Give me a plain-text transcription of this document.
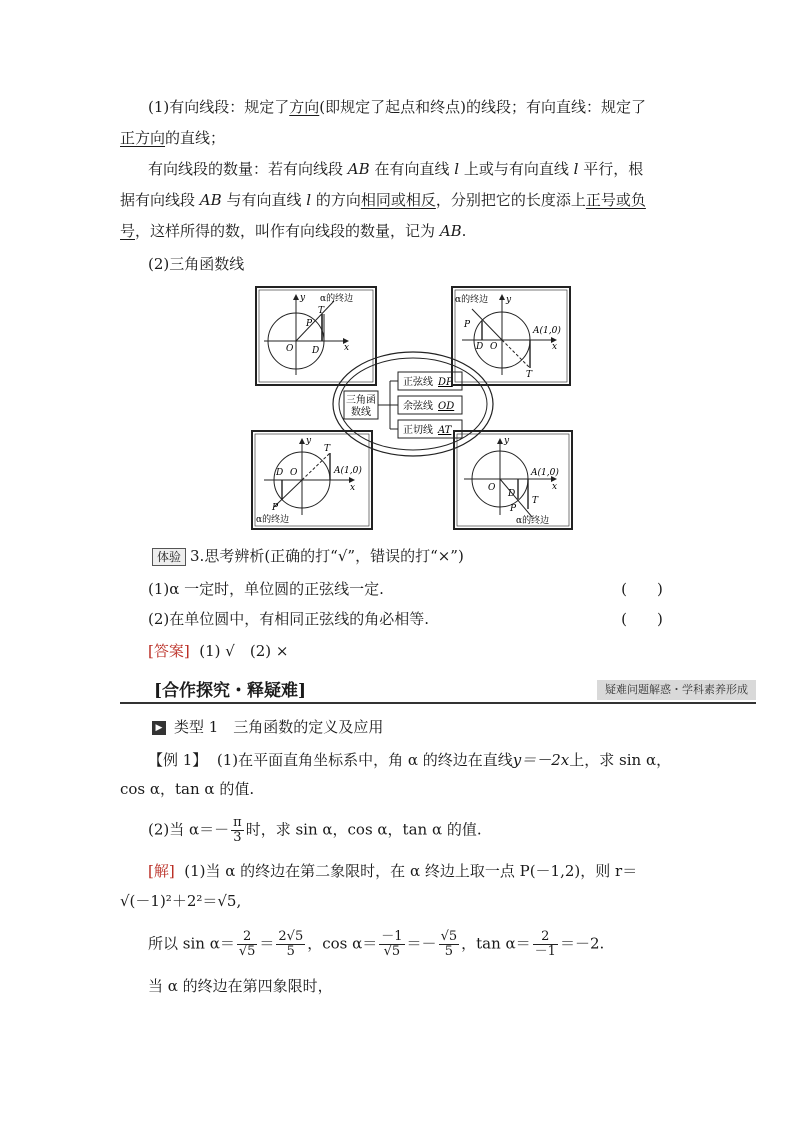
(1)有向线段：规定了方向(即规定了起点和终点)的线段；有向直线：规定了
正方向的直线；
有向线段的数量：若有向线段 AB 在有向直线 l 上或与有向直线 l 平行，根
据有向线段 AB 与有向直线 l 的方向相同或相反，分别把它的长度添上正号或负
号，这样所得的数，叫作有向线段的数量，记为 AB.
(2)三角函数线
三角函
数线
正弦线 DP
余弦线 OD
正切线 AT
y α的终边
x
O
P
T
D
α的终边 y
P
A(1,0)
D O	x
T
y
T
D O	A(1,0)
x
P
α的终边
y
A(1,0)
O	x
D
P
T
α的终边
体验 3.思考辨析(正确的打“√”，错误的打“×”)
(1)α 一定时，单位圆的正弦线一定.	(　　)
(2)在单位圆中，有相同正弦线的角必相等.	(　　)
[答案] (1) √　(2) ×
[合作探究・释疑难]	疑难问题解惑・学科素养形成
▶ 类型 1　三角函数的定义及应用
【例 1】 (1)在平面直角坐标系中，角 α 的终边在直线y＝－2x上，求 sin α，
cos α，tan α 的值.
(2)当 $\alpha=- \frac{\pi}{3}$ 时，求 sin α，cos α，tan α 的值.
[解] (1)当 α 的终边在第二象限时，在 α 终边上取一点 P(－1,2)，则 r＝
√(－1)²＋2²＝√5,
所以 $\sin \alpha= \frac{2}{√5} = \frac{2√5}{5}$ ，$\cos \alpha= \frac{-1}{√5} =- \frac{√5}{5}$ ，$\tan \alpha= \frac{2}{-1} =-2$.
当 α 的终边在第四象限时，
